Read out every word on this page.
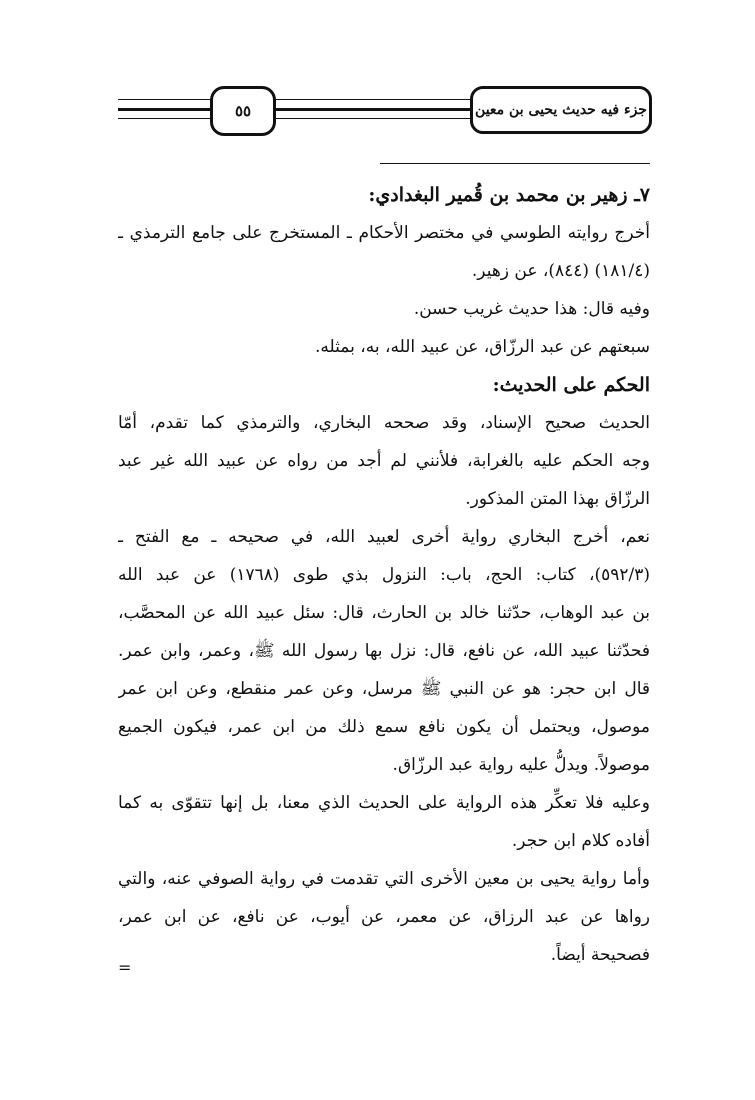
٥٥	جزء فيه حديث يحيى بن معين
٧ـ زهير بن محمد بن قُمير البغدادي:
أخرج روايته الطوسي في مختصر الأحكام ـ المستخرج على جامع الترمذي ـ
(١٨١/٤) (٨٤٤)، عن زهير.
وفيه قال: هذا حديث غريب حسن.
سبعتهم عن عبد الرزّاق، عن عبيد الله، به، بمثله.
الحكم على الحديث:
الحديث صحيح الإسناد، وقد صححه البخاري، والترمذي كما تقدم، أمّا
وجه الحكم عليه بالغرابة، فلأنني لم أجد من رواه عن عبيد الله غير عبد
الرزّاق بهذا المتن المذكور.
نعم، أخرج البخاري رواية أخرى لعبيد الله، في صحيحه ـ مع الفتح ـ
(٥٩٢/٣)، كتاب: الحج، باب: النزول بذي طوى (١٧٦٨) عن عبد الله
بن عبد الوهاب، حدّثنا خالد بن الحارث، قال: سئل عبيد الله عن المحصَّب،
فحدّثنا عبيد الله، عن نافع، قال: نزل بها رسول الله ﷺ، وعمر، وابن عمر.
قال ابن حجر: هو عن النبي ﷺ مرسل، وعن عمر منقطع، وعن ابن عمر
موصول، ويحتمل أن يكون نافع سمع ذلك من ابن عمر، فيكون الجميع
موصولاً. ويدلُّ عليه رواية عبد الرزّاق.
وعليه فلا تعكِّر هذه الرواية على الحديث الذي معنا، بل إنها تتقوّى به كما
أفاده كلام ابن حجر.
وأما رواية يحيى بن معين الأخرى التي تقدمت في رواية الصوفي عنه، والتي
رواها عن عبد الرزاق، عن معمر، عن أيوب، عن نافع، عن ابن عمر،
فصحيحة أيضاً.
=
